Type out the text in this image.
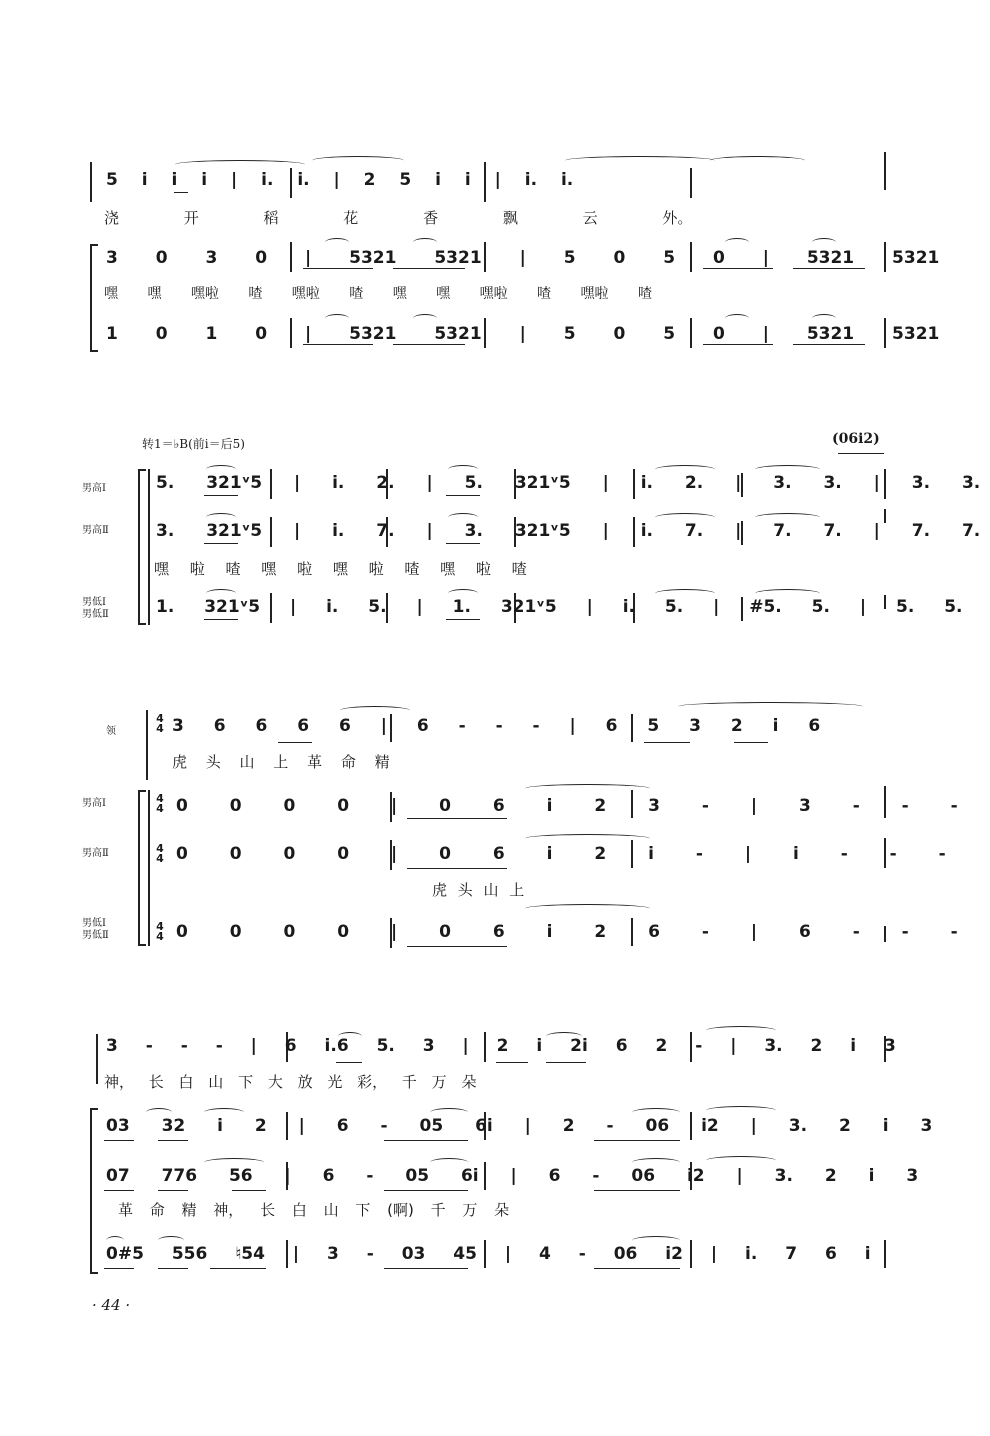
5 i i i | i. i. | 2 5 i i | i. i.
浇 开 稻 花 香 飘 云 外。
3 0 3 0 | 5321 5321 | 5 0 5 0 | 5321 5321
嘿 嘿 嘿啦 喳 嘿啦 喳 嘿 嘿 嘿啦 喳 嘿啦 喳
1 0 1 0 | 5321 5321 | 5 0 5 0 | 5321 5321
转1＝♭B(前i＝后5)	(06i2)
男高Ⅰ
男高Ⅱ
男低Ⅰ
男低Ⅱ
5. 321ᵛ5 | i. 2. | 5. 321ᵛ5 | i. 2. | 3. 3. | 3. 3.
3. 321ᵛ5 | i. 7. | 3. 321ᵛ5 | i. 7. | 7. 7. | 7. 7.
嘿 啦 喳 嘿 啦 嘿 啦 喳 嘿 啦 喳
1. 321ᵛ5 | i. 5. | 1. 321ᵛ5 | i. 5. | #5. 5. | 5. 5.
领
男高Ⅰ
男高Ⅱ
男低Ⅰ
男低Ⅱ
4
4
4
4
4
4
4
4
3 6 6 6 6 | 6 - - - | 6 5 3 2 i 6
虎 头 山 上 革 命 精
0 0 0 0 | 0 6 i 2 3 - | 3 - - -
0 0 0 0 | 0 6 i 2 i - | i - - -
虎 头 山 上
0 0 0 0 | 0 6 i 2 6 - | 6 - - -
3 - - - | 6 i.6 5. 3 | 2 i 2i 6 2 - | 3. 2 i 3
神， 长 白 山 下 大 放 光 彩， 千 万 朵
03 32 i 2 | 6 - 05 6i | 2 - 06 i2 | 3. 2 i 3
07 776 56 | 6 - 05 6i | 6 - 06 i2 | 3. 2 i 3
革 命 精 神， 长 白 山 下 (啊) 千 万 朵
0#5 556 ♮54 | 3 - 03 45 | 4 - 06 i2 | i. 7 6 i
· 44 ·
